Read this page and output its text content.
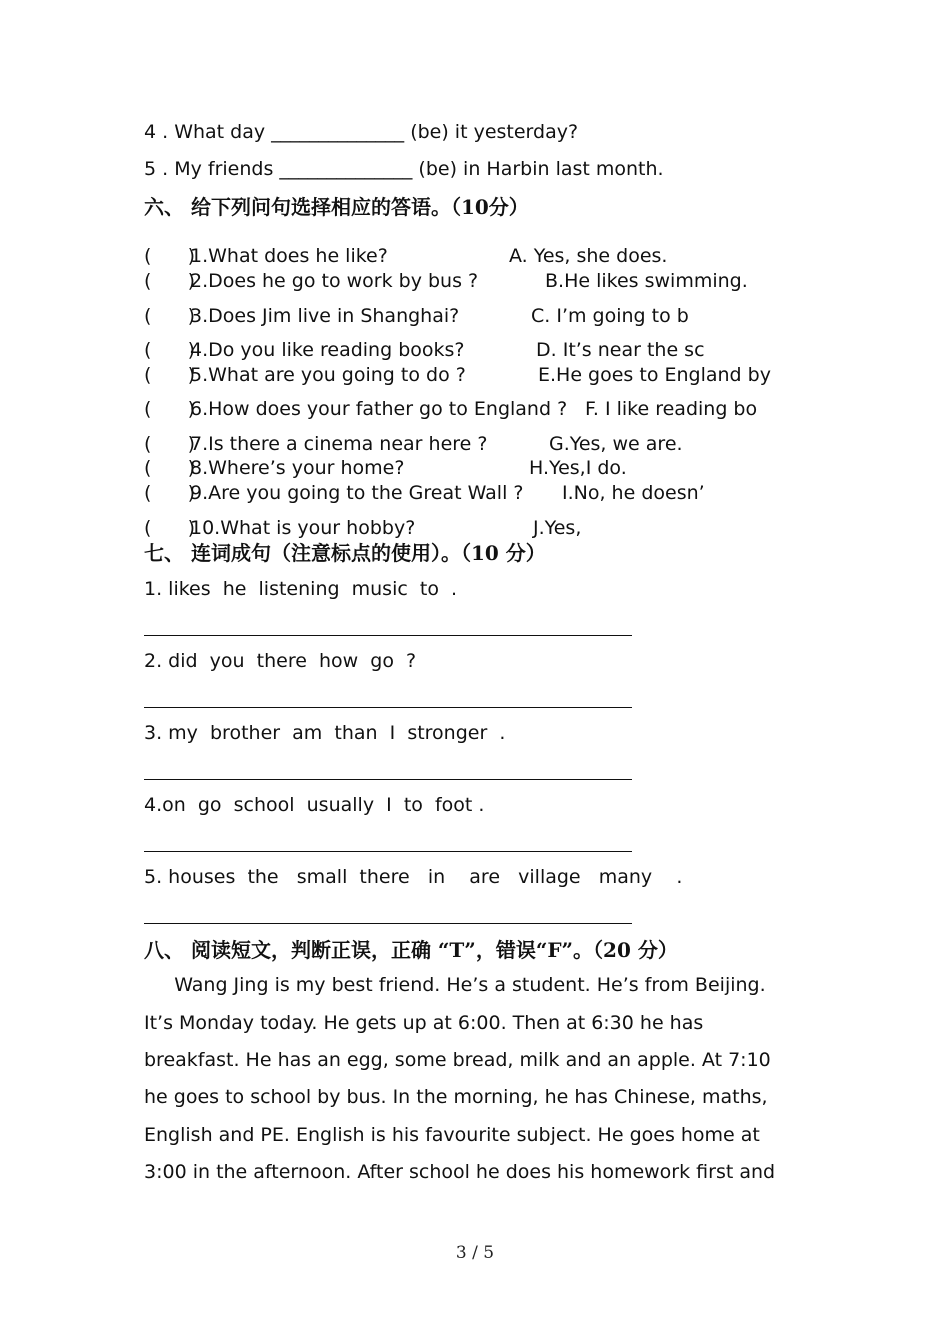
4 . What day ______________ (be) it yesterday?
5 . My friends ______________ (be) in Harbin last month.
六、 给下列问句选择相应的答语。（10分）
(      )
1.What does he like?	A. Yes, she does.
(      )
2.Does he go to work by bus ?	B.He likes swimming.
(      )
3.Does Jim live in Shanghai?	C. I’m going to b
(      )
4.Do you like reading books?	D. It’s near the sc
(      )
5.What are you going to do ?	E.He goes to England by
(      )
6.How does your father go to England ? F. I like reading bo
(      )
7.Is there a cinema near here ?	G.Yes, we are.
(      )
8.Where’s your home?	H.Yes,I do.
(      )
9.Are you going to the Great Wall ? I.No, he doesn’
(      )
10.What is your hobby?	J.Yes,
七、 连词成句（注意标点的使用）。（10 分）
1. likes  he  listening  music  to  .
2. did  you  there  how  go  ?
3. my  brother  am  than  I  stronger  .
4.on  go  school  usually  I  to  foot .
5. houses  the   small  there   in    are   village   many    .
八、 阅读短文，判断正误，正确 “T”，错误“F”。（20 分）
Wang Jing is my best friend. He’s a student. He’s from Beijing.
It’s Monday today. He gets up at 6:00. Then at 6:30 he has
breakfast. He has an egg, some bread, milk and an apple. At 7:10
he goes to school by bus. In the morning, he has Chinese, maths,
English and PE. English is his favourite subject. He goes home at
3:00 in the afternoon. After school he does his homework first and
3 / 5
